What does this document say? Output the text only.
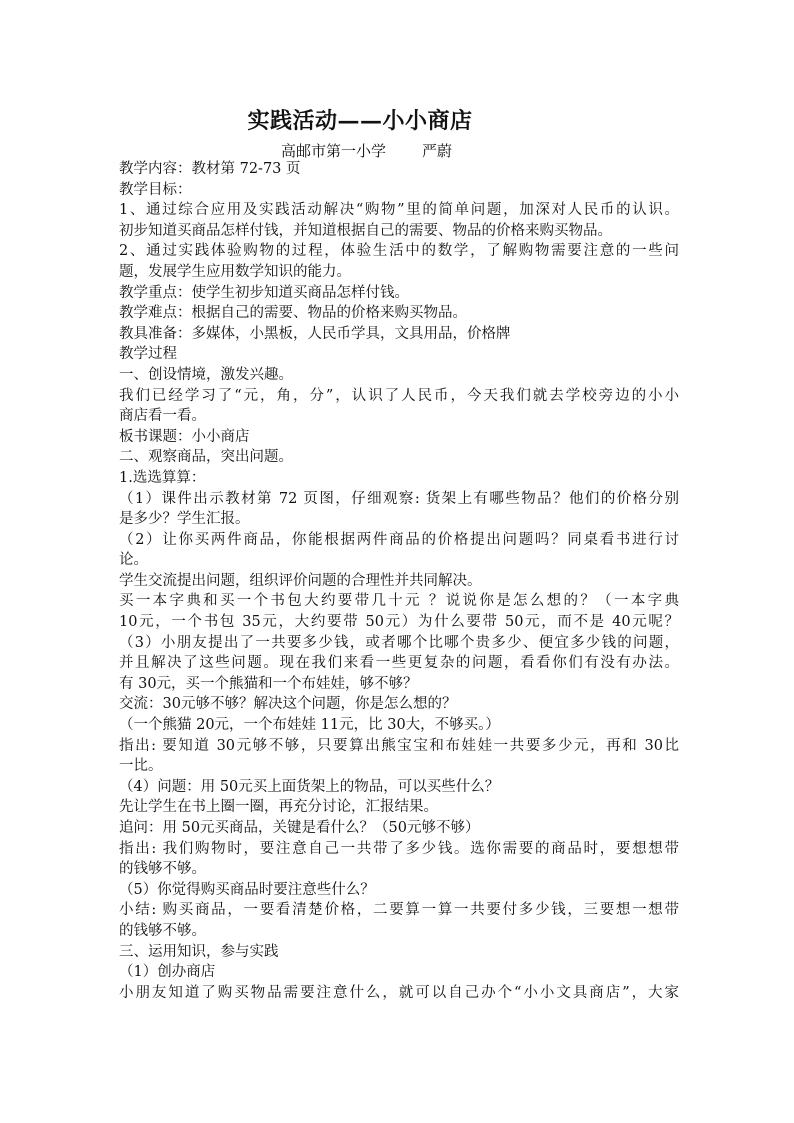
实践活动——小小商店
高邮市第一小学 严蔚

教学内容：教材第 72-73 页

教学目标：

1、通过综合应用及实践活动解决“购物”里的简单问题，加深对人民币的认识。

初步知道买商品怎样付钱，并知道根据自己的需要、物品的价格来购买物品。

2、通过实践体验购物的过程，体验生活中的数学，了解购物需要注意的一些问

题，发展学生应用数学知识的能力。

教学重点：使学生初步知道买商品怎样付钱。

教学难点：根据自己的需要、物品的价格来购买物品。

教具准备：多媒体，小黑板，人民币学具，文具用品，价格牌

教学过程

一、创设情境，激发兴趣。

我们已经学习了“元，角，分”，认识了人民币，今天我们就去学校旁边的小小

商店看一看。

板书课题：小小商店

二、观察商品，突出问题。

1.选选算算：

（1）课件出示教材第 72 页图，仔细观察: 货架上有哪些物品？他们的价格分别

是多少？学生汇报。

（2）让你买两件商品，你能根据两件商品的价格提出问题吗？同桌看书进行讨

论。

学生交流提出问题，组织评价问题的合理性并共同解决。

买一本字典和买一个书包大约要带几十元 ？说说你是怎么想的？（一本字典

10元，一个书包 35元，大约要带 50元）为什么要带 50元，而不是 40元呢？

（3）小朋友提出了一共要多少钱，或者哪个比哪个贵多少、便宜多少钱的问题，

并且解决了这些问题。现在我们来看一些更复杂的问题，看看你们有没有办法。

有 30元，买一个熊猫和一个布娃娃，够不够？

交流：30元够不够？解决这个问题，你是怎么想的？

（一个熊猫 20元，一个布娃娃 11元，比 30大，不够买。）

指出: 要知道 30元够不够，只要算出熊宝宝和布娃娃一共要多少元，再和 30比

一比。

（4）问题：用 50元买上面货架上的物品，可以买些什么？

先让学生在书上圈一圈，再充分讨论，汇报结果。

追问：用 50元买商品，关键是看什么？（50元够不够）

指出: 我们购物时，要注意自己一共带了多少钱。选你需要的商品时，要想想带

的钱够不够。

（5）你觉得购买商品时要注意些什么？

小结: 购买商品，一要看清楚价格，二要算一算一共要付多少钱，三要想一想带

的钱够不够。

三、运用知识，参与实践

（1）创办商店

小朋友知道了购买物品需要注意什么，就可以自己办个“小小文具商店”，大家
